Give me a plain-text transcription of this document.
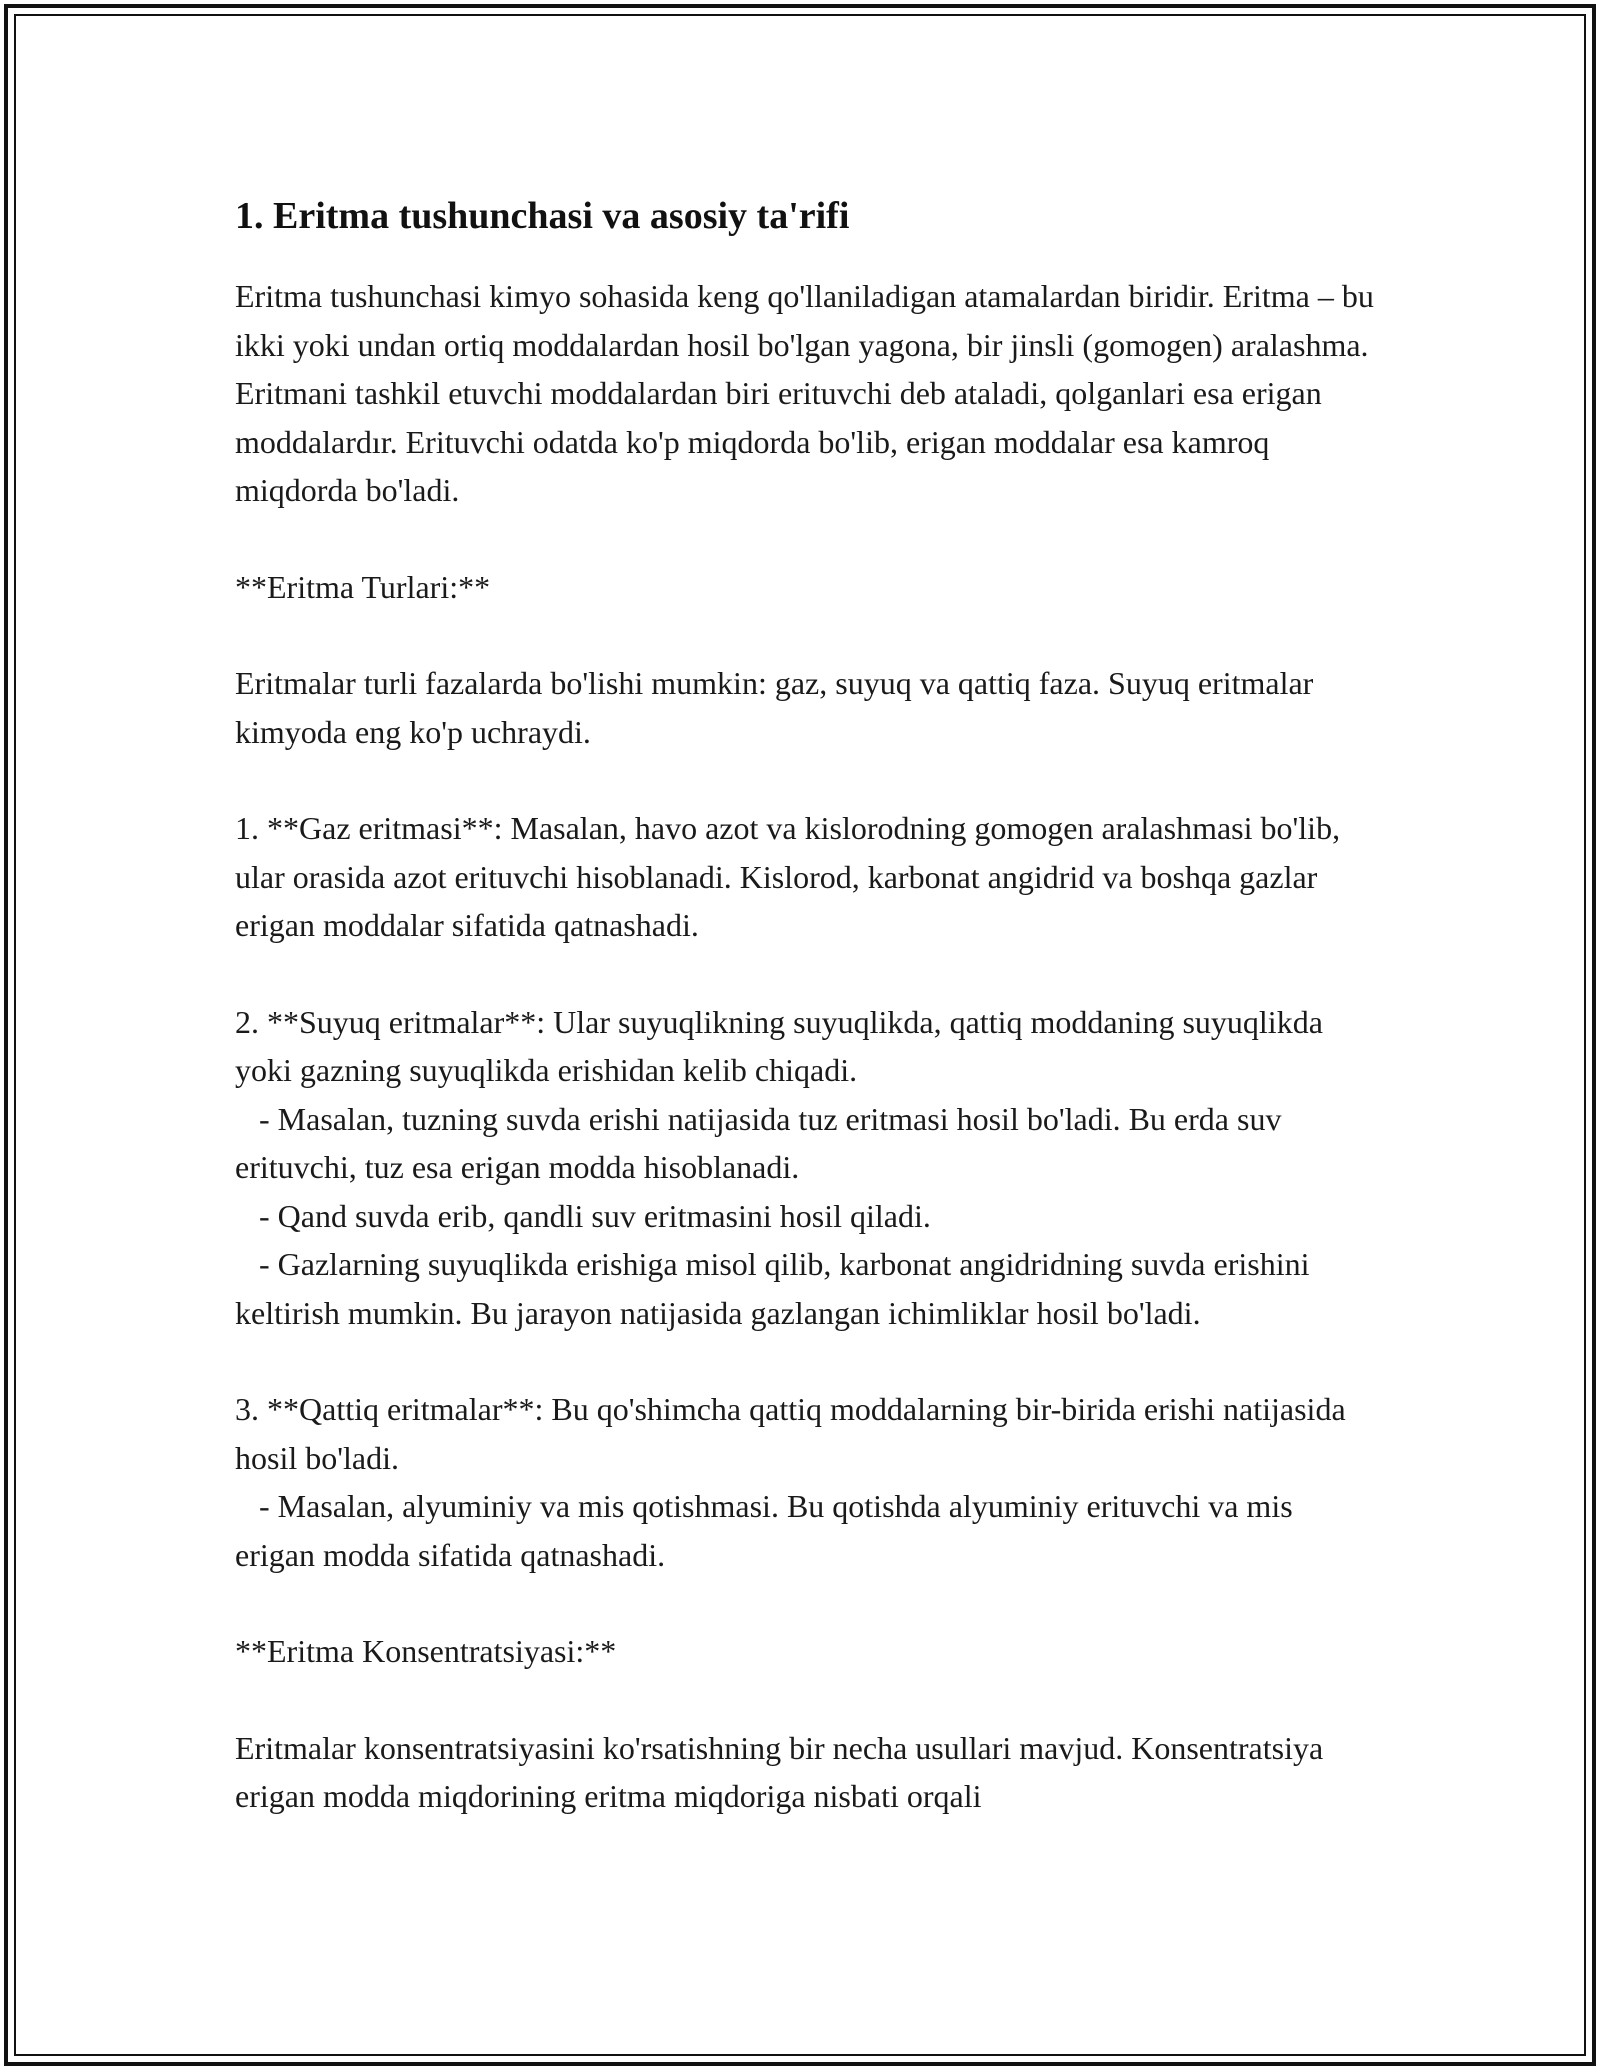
1. Eritma tushunchasi va asosiy ta'rifi

Eritma tushunchasi kimyo sohasida keng qo'llaniladigan atamalardan biridir. Eritma – bu ikki yoki undan ortiq moddalardan hosil bo'lgan yagona, bir jinsli (gomogen) aralashma. Eritmani tashkil etuvchi moddalardan biri erituvchi deb ataladi, qolganlari esa erigan moddalardır. Erituvchi odatda ko'p miqdorda bo'lib, erigan moddalar esa kamroq miqdorda bo'ladi.

**Eritma Turlari:**

Eritmalar turli fazalarda bo'lishi mumkin: gaz, suyuq va qattiq faza. Suyuq eritmalar kimyoda eng ko'p uchraydi.

1. **Gaz eritmasi**: Masalan, havo azot va kislorodning gomogen aralashmasi bo'lib, ular orasida azot erituvchi hisoblanadi. Kislorod, karbonat angidrid va boshqa gazlar erigan moddalar sifatida qatnashadi.

2. **Suyuq eritmalar**: Ular suyuqlikning suyuqlikda, qattiq moddaning suyuqlikda yoki gazning suyuqlikda erishidan kelib chiqadi.
- Masalan, tuzning suvda erishi natijasida tuz eritmasi hosil bo'ladi. Bu erda suv erituvchi, tuz esa erigan modda hisoblanadi.
- Qand suvda erib, qandli suv eritmasini hosil qiladi.
- Gazlarning suyuqlikda erishiga misol qilib, karbonat angidridning suvda erishini keltirish mumkin. Bu jarayon natijasida gazlangan ichimliklar hosil bo'ladi.

3. **Qattiq eritmalar**: Bu qo'shimcha qattiq moddalarning bir-birida erishi natijasida hosil bo'ladi.
- Masalan, alyuminiy va mis qotishmasi. Bu qotishda alyuminiy erituvchi va mis erigan modda sifatida qatnashadi.

**Eritma Konsentratsiyasi:**

Eritmalar konsentratsiyasini ko'rsatishning bir necha usullari mavjud. Konsentratsiya erigan modda miqdorining eritma miqdoriga nisbati orqali
